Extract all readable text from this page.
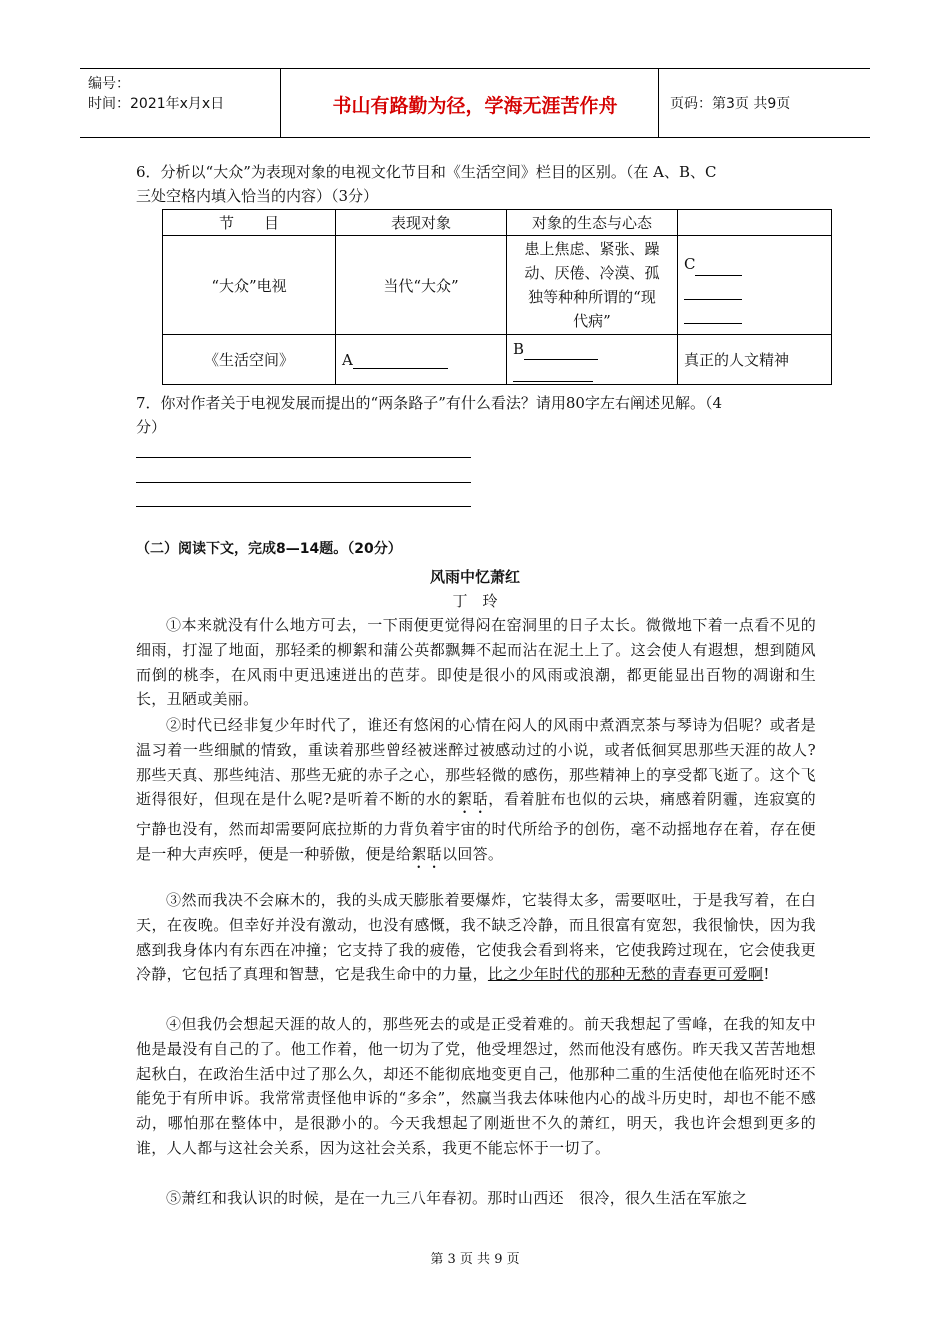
编号：
时间：2021年x月x日	书山有路勤为径，学海无涯苦作舟	页码：第3页 共9页
6．分析以“大众”为表现对象的电视文化节目和《生活空间》栏目的区别。（在 A、B、C
三处空格内填入恰当的内容）（3分）
节　　目	表现对象	对象的生态与心态	
“大众”电视	当代“大众”	患上焦虑、紧张、躁
动、厌倦、冷漠、孤
独等种种所谓的“现
代病”	C

《生活空间》	A	B	真正的人文精神
7．你对作者关于电视发展而提出的“两条路子”有什么看法？请用80字左右阐述见解。（4
分）
（二）阅读下文，完成8—14题。（20分）
风雨中忆萧红
丁　玲
①本来就没有什么地方可去，一下雨便更觉得闷在窑洞里的日子太长。微微地下着一点看不见的细雨，打湿了地面，那轻柔的柳絮和蒲公英都飘舞不起而沾在泥土上了。这会使人有遐想，想到随风而倒的桃李，在风雨中更迅速迸出的芭芽。即使是很小的风雨或浪潮，都更能显出百物的凋谢和生长，丑陋或美丽。
②时代已经非复少年时代了，谁还有悠闲的心情在闷人的风雨中煮酒烹茶与琴诗为侣呢？或者是温习着一些细腻的情致，重读着那些曾经被迷醉过被感动过的小说，或者低徊冥思那些天涯的故人?那些天真、那些纯洁、那些无疵的赤子之心，那些轻微的感伤，那些精神上的享受都飞逝了。这个飞逝得很好，但现在是什么呢?是听着不断的水的絮聒，看着脏布也似的云块，痛感着阴霾，连寂寞的宁静也没有，然而却需要阿底拉斯的力背负着宇宙的时代所给予的创伤，毫不动摇地存在着，存在便是一种大声疾呼，便是一种骄傲，便是给絮聒以回答。
③然而我决不会麻木的，我的头成天膨胀着要爆炸，它装得太多，需要呕吐，于是我写着，在白天，在夜晚。但幸好并没有激动，也没有感慨，我不缺乏冷静，而且很富有宽恕，我很愉快，因为我感到我身体内有东西在冲撞；它支持了我的疲倦，它使我会看到将来，它使我跨过现在，它会使我更冷静，它包括了真理和智慧，它是我生命中的力量，比之少年时代的那种无愁的青春更可爱啊!
④但我仍会想起天涯的故人的，那些死去的或是正受着难的。前天我想起了雪峰，在我的知友中他是最没有自己的了。他工作着，他一切为了党，他受埋怨过，然而他没有感伤。昨天我又苦苦地想起秋白，在政治生活中过了那么久，却还不能彻底地变更自己，他那种二重的生活使他在临死时还不能免于有所申诉。我常常责怪他申诉的“多余”，然赢当我去体味他内心的战斗历史时，却也不能不感动，哪怕那在整体中，是很渺小的。今天我想起了刚逝世不久的萧红，明天，我也许会想到更多的谁，人人都与这社会关系，因为这社会关系，我更不能忘怀于一切了。
⑤萧红和我认识的时候，是在一九三八年春初。那时山西还　很冷，很久生活在军旅之
第 3 页 共 9 页
